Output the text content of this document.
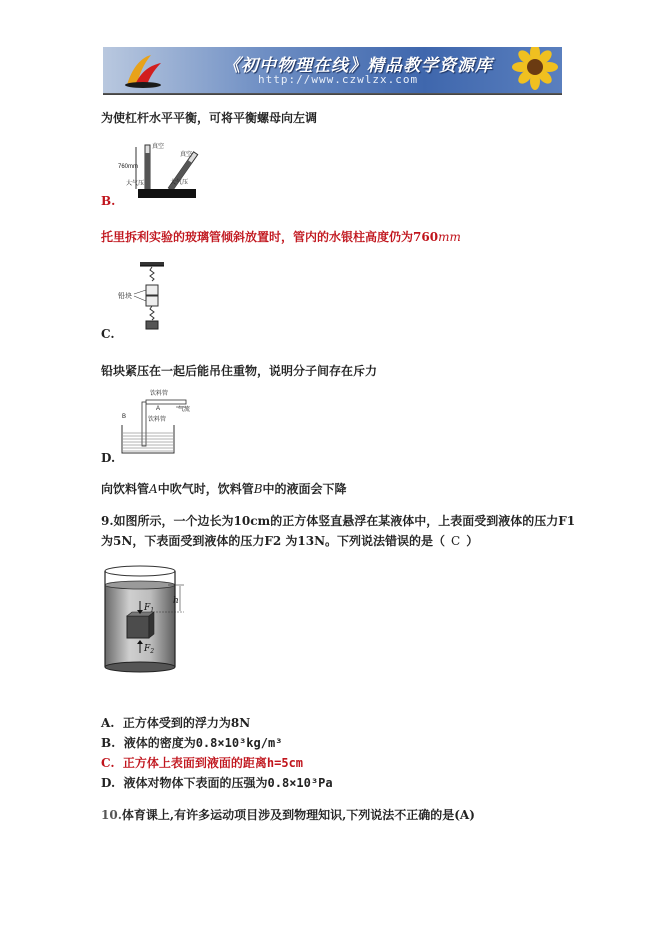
《初中物理在线》精品教学资源库
http://www.czwlzx.com
为使杠杆水平平衡，可将平衡螺母向左调
760mm
大气压
真空
真空
大气压
B.
托里拆利实验的玻璃管倾斜放置时，管内的水银柱高度仍为760mm
铅块
C.
铅块紧压在一起后能吊住重物，说明分子间存在斥力
饮料管
A	气流
B	饮料管
D.
向饮料管A中吹气时，饮料管B中的液面会下降
9.如图所示，一个边长为10cm的正方体竖直悬浮在某液体中，上表面受到液体的压力F1
为5N，下表面受到液体的压力F2 为13N。下列说法错误的是（ C ）
$F_1$
$F_2$
h
A. 正方体受到的浮力为8N
B. 液体的密度为0.8×10³kg/m³
C. 正方体上表面到液面的距离h=5cm
D. 液体对物体下表面的压强为0.8×10³Pa
10.体育课上,有许多运动项目涉及到物理知识,下列说法不正确的是(A)
